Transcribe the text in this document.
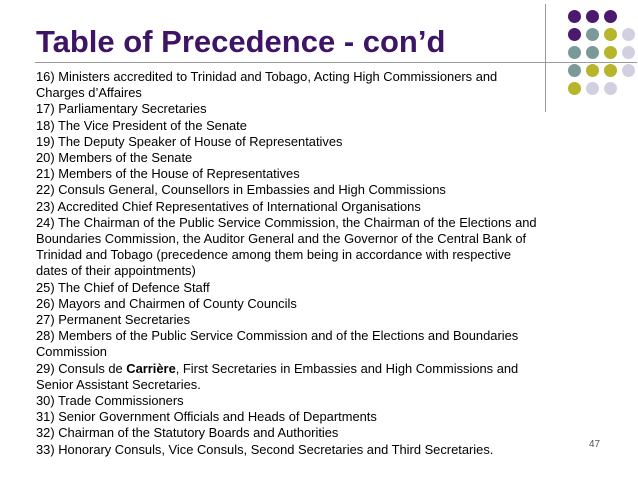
Table of Precedence - con’d

16) Ministers accredited to Trinidad and Tobago, Acting High Commissioners and Charges d’Affaires

17) Parliamentary Secretaries

18) The Vice President of the Senate

19) The Deputy Speaker of House of Representatives

20) Members of the Senate

21) Members of the House of Representatives

22) Consuls General, Counsellors in Embassies and High Commissions

23) Accredited Chief Representatives of International Organisations

24) The Chairman of the Public Service Commission, the Chairman of the Elections and Boundaries Commission, the Auditor General and the Governor of the Central Bank of Trinidad and Tobago (precedence among them being in accordance with respective dates of their appointments)

25) The Chief of Defence Staff

26) Mayors and Chairmen of County Councils

27) Permanent Secretaries

28) Members of the Public Service Commission and of the Elections and Boundaries Commission

29) Consuls de Carrière, First Secretaries in Embassies and High Commissions and Senior Assistant Secretaries.

30) Trade Commissioners

31) Senior Government Officials and Heads of Departments

32) Chairman of the Statutory Boards and Authorities

33) Honorary Consuls, Vice Consuls, Second Secretaries and Third Secretaries.	47
